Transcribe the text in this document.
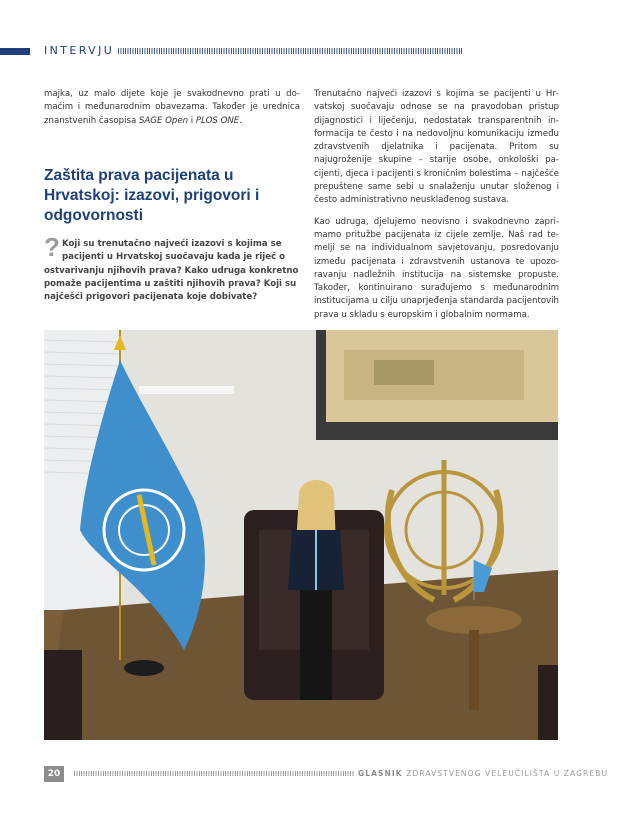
INTERVJU

majka, uz malo dijete koje je svakodnevno prati u domaćim i međunarodnim obavezama. Također je urednica znanstvenih časopisa SAGE Open i PLOS ONE.

Zaštita prava pacijenata u Hrvatskoj: izazovi, prigovori i odgovornosti
? Koji su trenutačno najveći izazovi s kojima se pacijenti u Hrvatskoj suočavaju kada je riječ o ostvarivanju njihovih prava? Kako udruga konkretno pomaže pacijentima u zaštiti njihovih prava? Koji su najčešći prigovori pacijenata koje dobivate?

Trenutačno najveći izazovi s kojima se pacijenti u Hrvatskoj suočavaju odnose se na pravodoban pristup dijagnostici i liječenju, nedostatak transparentnih informacija te često i na nedovoljnu komunikaciju između zdravstvenih djelatnika i pacijenata. Pritom su najugroženije skupine – starije osobe, onkološki pacijenti, djeca i pacijenti s kroničnim bolestima – najčešće prepuštene same sebi u snalaženju unutar složenog i često administrativno neusklađenog sustava.

Kao udruga, djelujemo neovisno i svakodnevno zaprimamo pritužbe pacijenata iz cijele zemlje. Naš rad temelji se na individualnom savjetovanju, posredovanju između pacijenata i zdravstvenih ustanova te upozoravanju nadležnih institucija na sistemske propuste. Također, kontinuirano surađujemo s međunarodnim institucijama u cilju unaprjeđenja standarda pacijentovih prava u skladu s europskim i globalnim normama.

20	GLASNIK ZDRAVSTVENOG VELEUČILIŠTA U ZAGREBU
